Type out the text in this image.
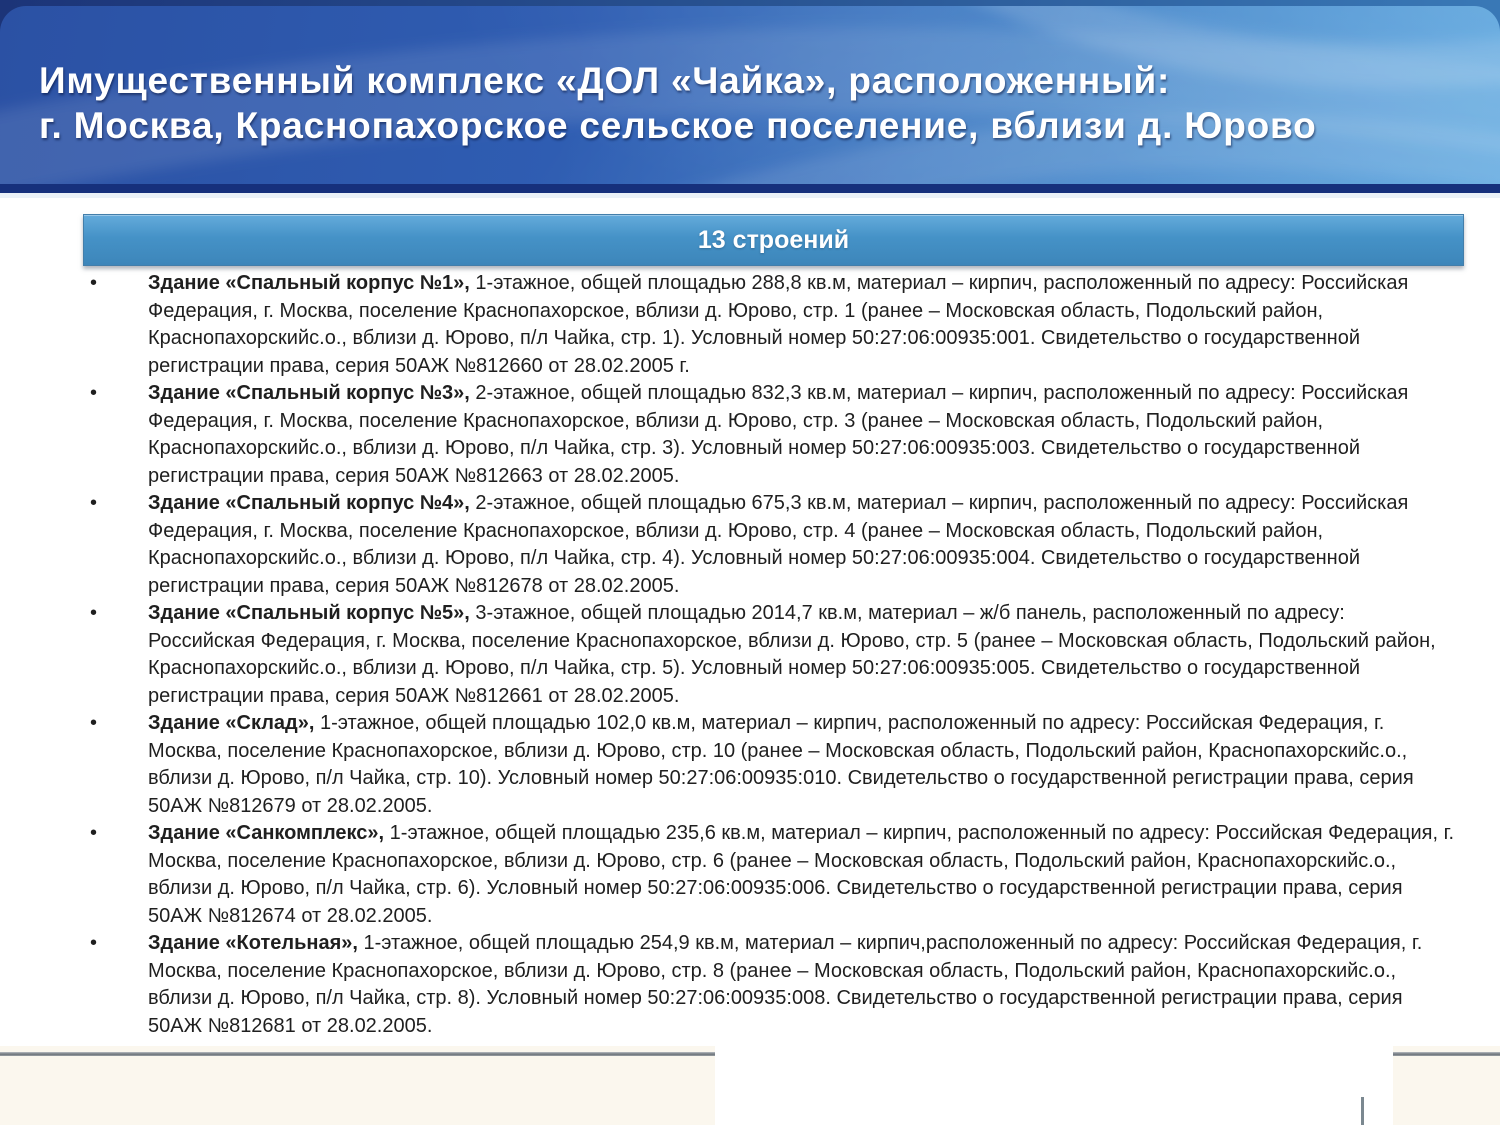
Имущественный комплекс «ДОЛ «Чайка», расположенный:
г. Москва, Краснопахорское сельское поселение, вблизи д. Юрово
13 строений
•	Здание «Спальный корпус №1», 1-этажное, общей площадью 288,8 кв.м, материал – кирпич, расположенный по адресу: Российская Федерация, г. Москва, поселение Краснопахорское, вблизи д. Юрово, стр. 1 (ранее – Московская область, Подольский район, Краснопахорскийс.о., вблизи д. Юрово, п/л Чайка, стр. 1). Условный номер 50:27:06:00935:001. Свидетельство о государственной регистрации права, серия 50АЖ №812660 от 28.02.2005 г.
•	Здание «Спальный корпус №3», 2-этажное, общей площадью 832,3 кв.м, материал – кирпич, расположенный по адресу: Российская Федерация, г. Москва, поселение Краснопахорское, вблизи д. Юрово, стр. 3 (ранее – Московская область, Подольский район, Краснопахорскийс.о., вблизи д. Юрово, п/л Чайка, стр. 3). Условный номер 50:27:06:00935:003. Свидетельство о государственной регистрации права, серия 50АЖ №812663 от 28.02.2005.
•	Здание «Спальный корпус №4», 2-этажное, общей площадью 675,3 кв.м, материал – кирпич, расположенный по адресу: Российская Федерация, г. Москва, поселение Краснопахорское, вблизи д. Юрово, стр. 4 (ранее – Московская область, Подольский район, Краснопахорскийс.о., вблизи д. Юрово, п/л Чайка, стр. 4). Условный номер 50:27:06:00935:004. Свидетельство о государственной регистрации права, серия 50АЖ №812678 от 28.02.2005.
•	Здание «Спальный корпус №5», 3-этажное, общей площадью 2014,7 кв.м, материал – ж/б панель, расположенный по адресу: Российская Федерация, г. Москва, поселение Краснопахорское, вблизи д. Юрово, стр. 5 (ранее – Московская область, Подольский район, Краснопахорскийс.о., вблизи д. Юрово, п/л Чайка, стр. 5). Условный номер 50:27:06:00935:005. Свидетельство о государственной регистрации права, серия 50АЖ №812661 от 28.02.2005.
•	Здание «Склад», 1-этажное, общей площадью 102,0 кв.м, материал – кирпич, расположенный по адресу: Российская Федерация, г. Москва, поселение Краснопахорское, вблизи д. Юрово, стр. 10 (ранее – Московская область, Подольский район, Краснопахорскийс.о., вблизи д. Юрово, п/л Чайка, стр. 10). Условный номер 50:27:06:00935:010. Свидетельство о государственной регистрации права, серия 50АЖ №812679 от 28.02.2005.
•	Здание «Санкомплекс», 1-этажное, общей площадью 235,6 кв.м, материал – кирпич, расположенный по адресу: Российская Федерация, г. Москва, поселение Краснопахорское, вблизи д. Юрово, стр. 6 (ранее – Московская область, Подольский район, Краснопахорскийс.о., вблизи д. Юрово, п/л Чайка, стр. 6). Условный номер 50:27:06:00935:006. Свидетельство о государственной регистрации права, серия 50АЖ №812674 от 28.02.2005.
•	Здание «Котельная», 1-этажное, общей площадью 254,9 кв.м, материал – кирпич,расположенный по адресу: Российская Федерация, г. Москва, поселение Краснопахорское, вблизи д. Юрово, стр. 8 (ранее – Московская область, Подольский район, Краснопахорскийс.о., вблизи д. Юрово, п/л Чайка, стр. 8). Условный номер 50:27:06:00935:008. Свидетельство о государственной регистрации права, серия 50АЖ №812681 от 28.02.2005.
